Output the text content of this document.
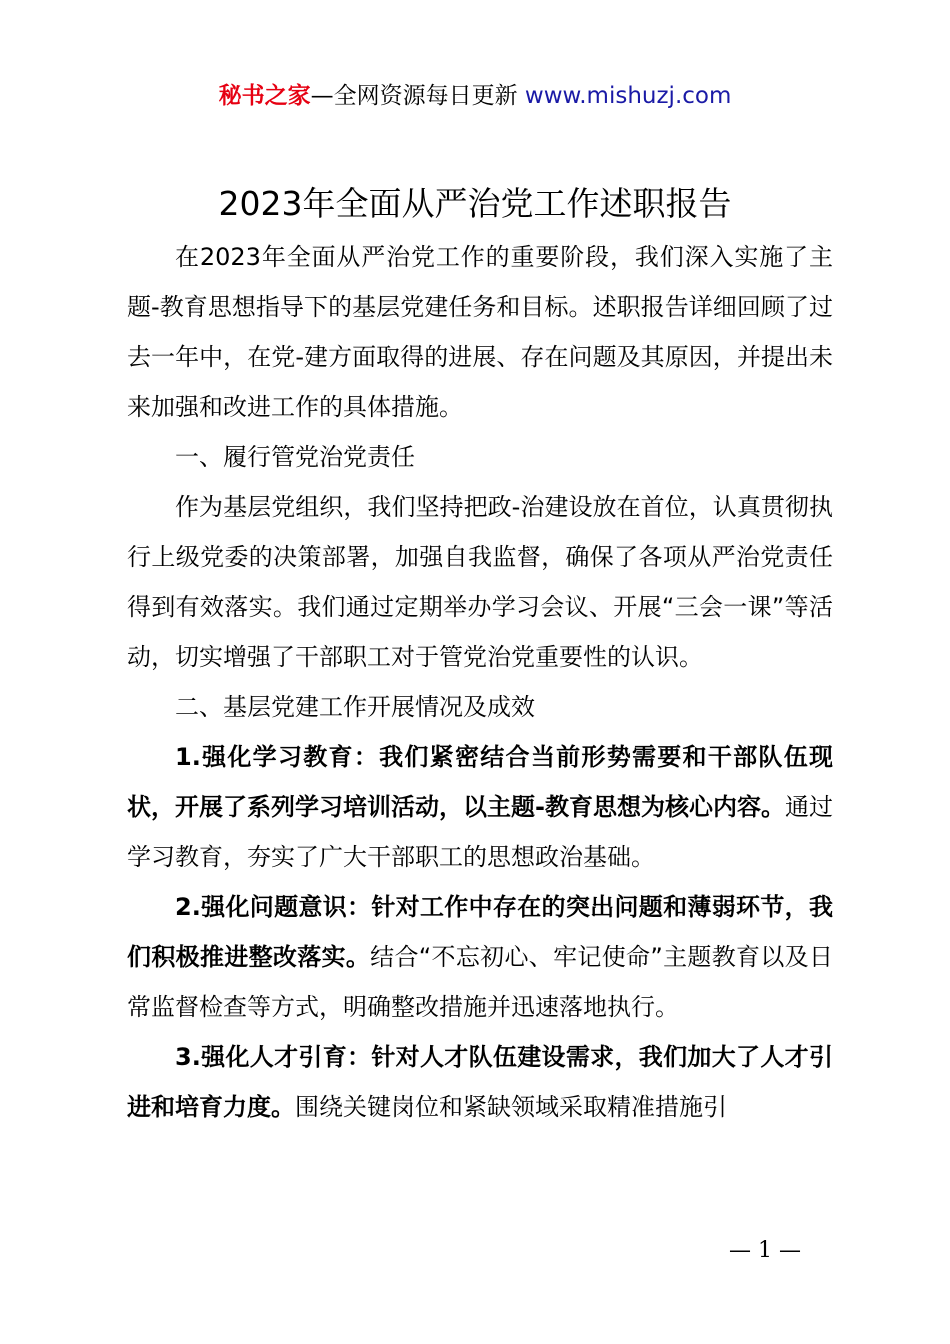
秘书之家—全网资源每日更新 www.mishuzj.com
2023年全面从严治党工作述职报告

在2023年全面从严治党工作的重要阶段，我们深入实施了主题-教育思想指导下的基层党建任务和目标。述职报告详细回顾了过去一年中，在党-建方面取得的进展、存在问题及其原因，并提出未来加强和改进工作的具体措施。

一、履行管党治党责任

作为基层党组织，我们坚持把政-治建设放在首位，认真贯彻执行上级党委的决策部署，加强自我监督，确保了各项从严治党责任得到有效落实。我们通过定期举办学习会议、开展“三会一课”等活动，切实增强了干部职工对于管党治党重要性的认识。

二、基层党建工作开展情况及成效

1.强化学习教育：我们紧密结合当前形势需要和干部队伍现状，开展了系列学习培训活动，以主题-教育思想为核心内容。通过学习教育，夯实了广大干部职工的思想政治基础。

2.强化问题意识：针对工作中存在的突出问题和薄弱环节，我们积极推进整改落实。结合“不忘初心、牢记使命”主题教育以及日常监督检查等方式，明确整改措施并迅速落地执行。

3.强化人才引育：针对人才队伍建设需求，我们加大了人才引进和培育力度。围绕关键岗位和紧缺领域采取精准措施引

— 1 —
